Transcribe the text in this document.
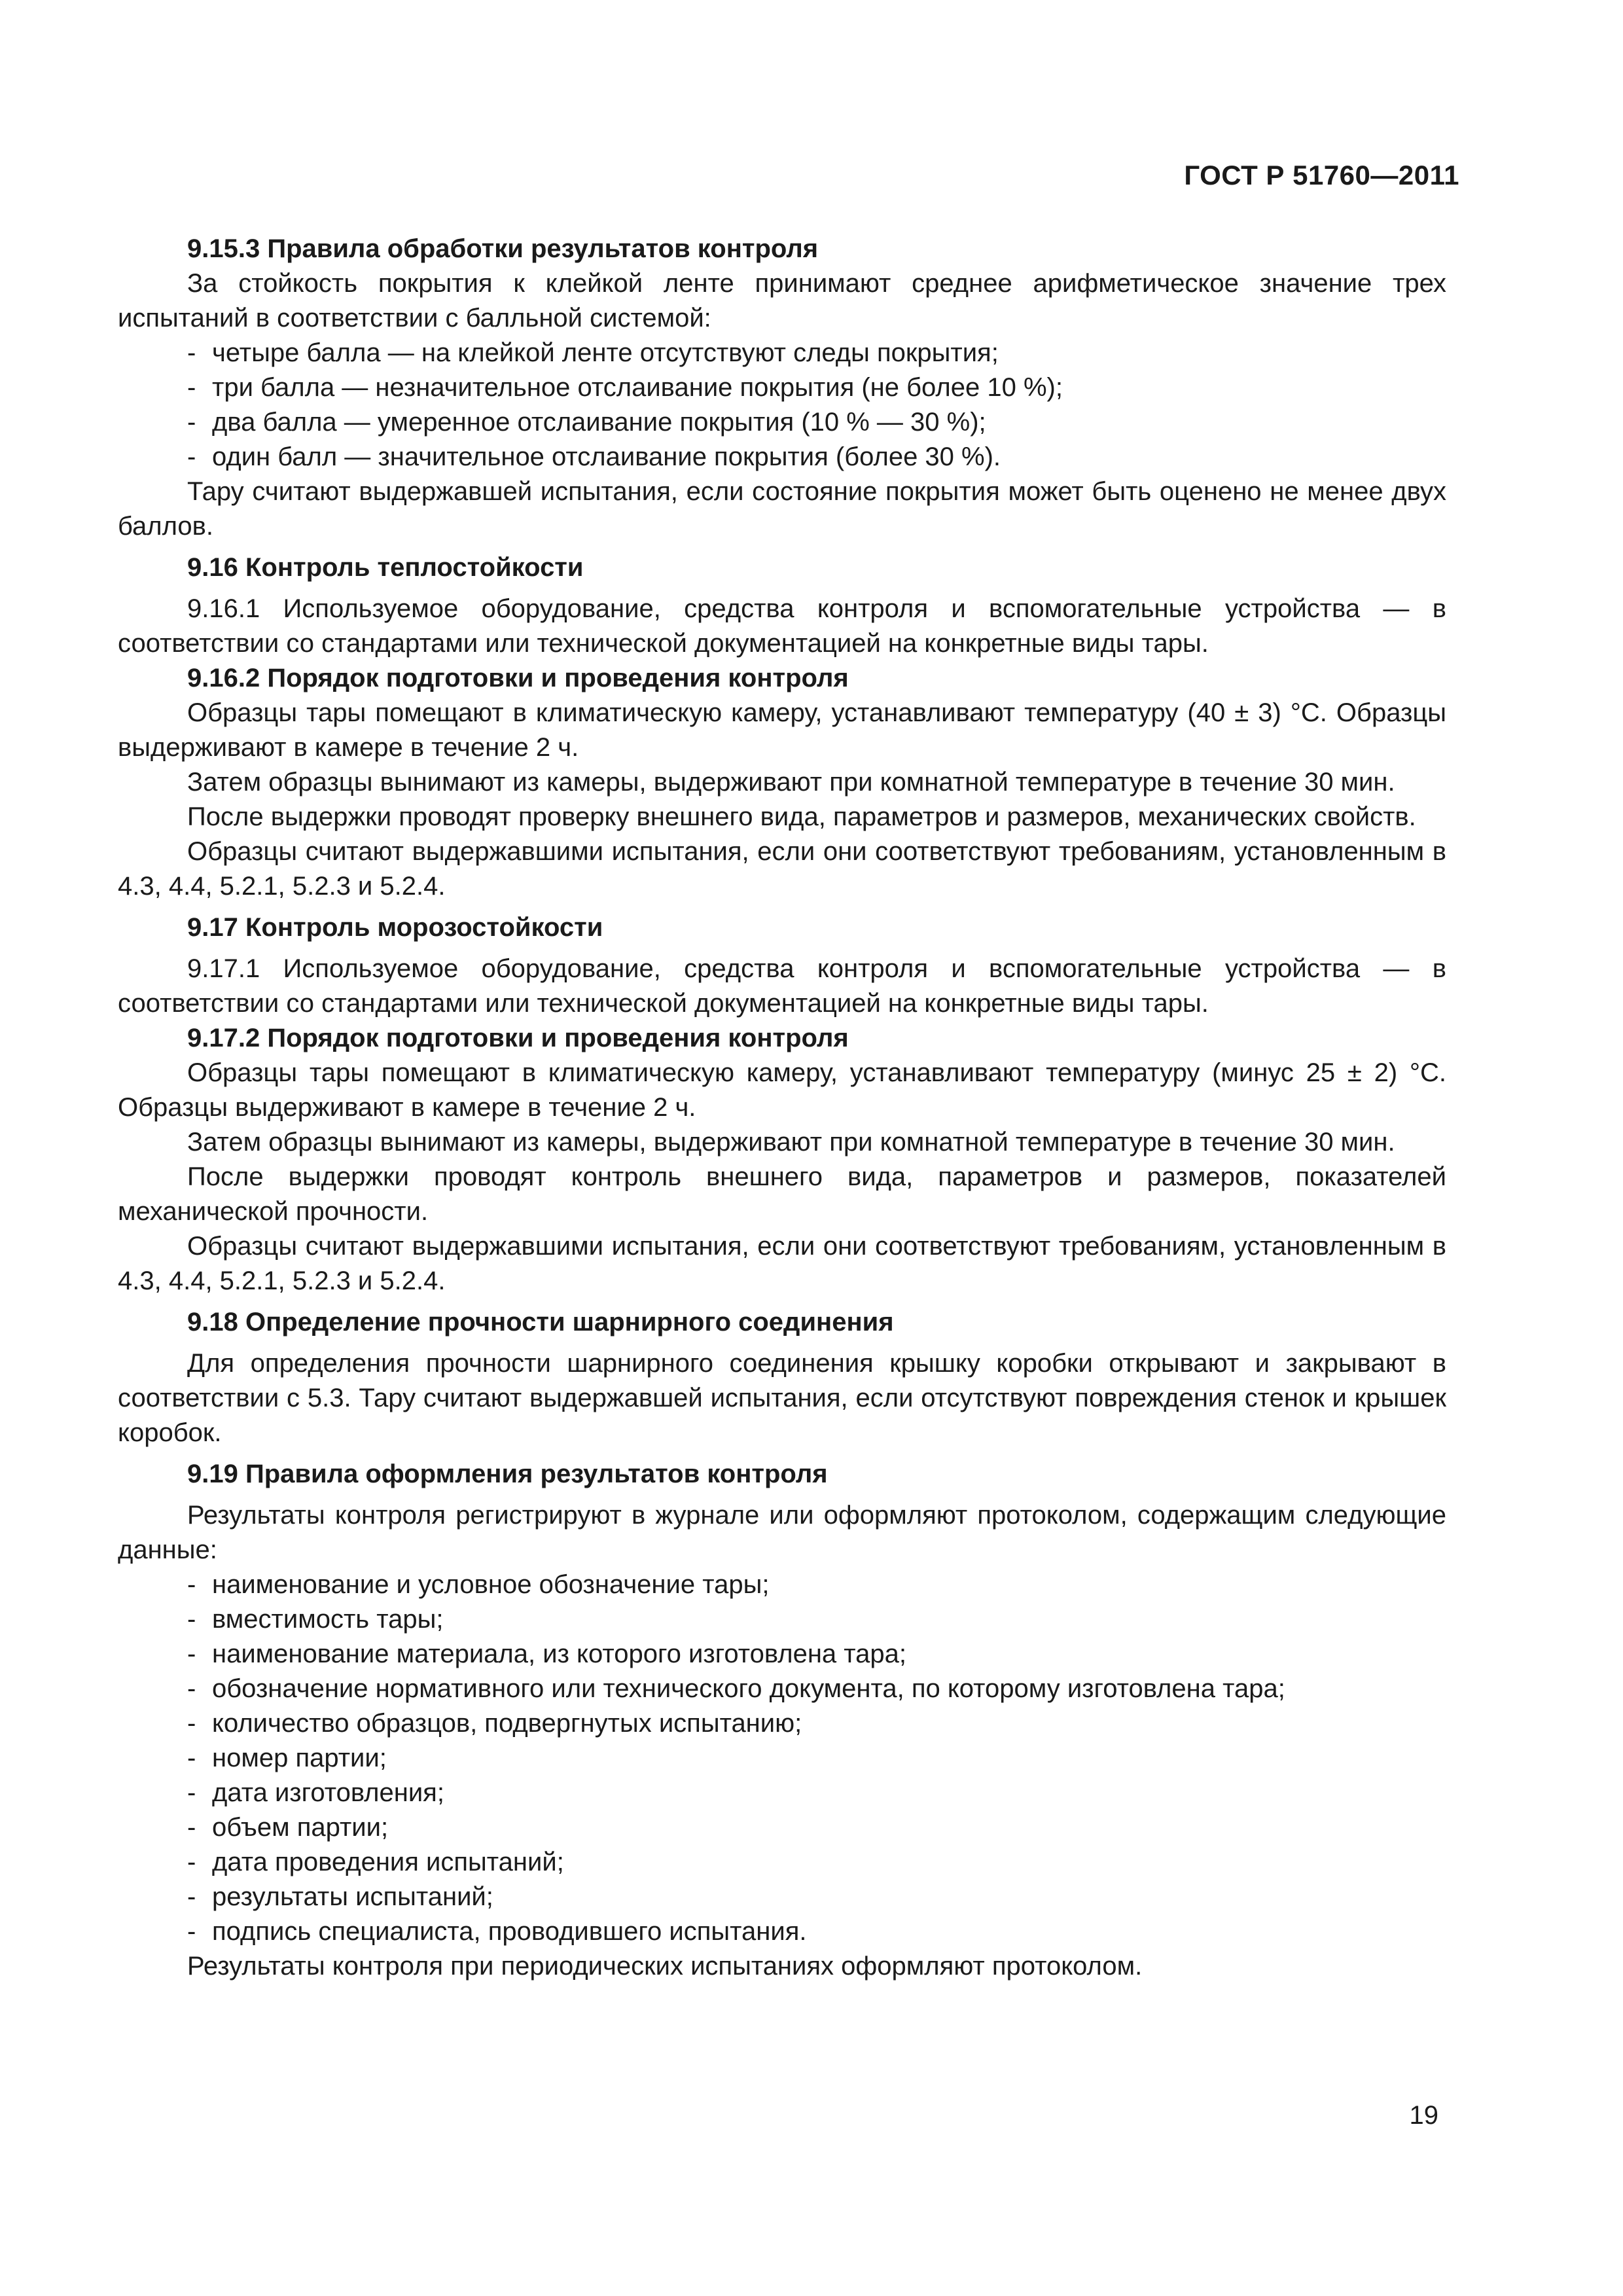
ГОСТ Р 51760—2011

9.15.3 Правила обработки результатов контроля

За стойкость покрытия к клейкой ленте принимают среднее арифметическое значение трех испытаний в соответствии с балльной системой:

- четыре балла — на клейкой ленте отсутствуют следы покрытия;
- три балла — незначительное отслаивание покрытия (не более 10 %);
- два балла — умеренное отслаивание покрытия (10 % — 30 %);
- один балл — значительное отслаивание покрытия (более 30 %).

Тару считают выдержавшей испытания, если состояние покрытия может быть оценено не менее двух баллов.

9.16 Контроль теплостойкости

9.16.1 Используемое оборудование, средства контроля и вспомогательные устройства — в соответствии со стандартами или технической документацией на конкретные виды тары.

9.16.2 Порядок подготовки и проведения контроля

Образцы тары помещают в климатическую камеру, устанавливают температуру (40 ± 3) °С. Образцы выдерживают в камере в течение 2 ч.

Затем образцы вынимают из камеры, выдерживают при комнатной температуре в течение 30 мин.

После выдержки проводят проверку внешнего вида, параметров и размеров, механических свойств.

Образцы считают выдержавшими испытания, если они соответствуют требованиям, установленным в 4.3, 4.4, 5.2.1, 5.2.3 и 5.2.4.

9.17 Контроль морозостойкости

9.17.1 Используемое оборудование, средства контроля и вспомогательные устройства — в соответствии со стандартами или технической документацией на конкретные виды тары.

9.17.2 Порядок подготовки и проведения контроля

Образцы тары помещают в климатическую камеру, устанавливают температуру (минус 25 ± 2) °С. Образцы выдерживают в камере в течение 2 ч.

Затем образцы вынимают из камеры, выдерживают при комнатной температуре в течение 30 мин.

После выдержки проводят контроль внешнего вида, параметров и размеров, показателей механической прочности.

Образцы считают выдержавшими испытания, если они соответствуют требованиям, установленным в 4.3, 4.4, 5.2.1, 5.2.3 и 5.2.4.

9.18 Определение прочности шарнирного соединения

Для определения прочности шарнирного соединения крышку коробки открывают и закрывают в соответствии с 5.3. Тару считают выдержавшей испытания, если отсутствуют повреждения стенок и крышек коробок.

9.19 Правила оформления результатов контроля

Результаты контроля регистрируют в журнале или оформляют протоколом, содержащим следующие данные:

- наименование и условное обозначение тары;
- вместимость тары;
- наименование материала, из которого изготовлена тара;
- обозначение нормативного или технического документа, по которому изготовлена тара;
- количество образцов, подвергнутых испытанию;
- номер партии;
- дата изготовления;
- объем партии;
- дата проведения испытаний;
- результаты испытаний;
- подпись специалиста, проводившего испытания.

Результаты контроля при периодических испытаниях оформляют протоколом.

19
